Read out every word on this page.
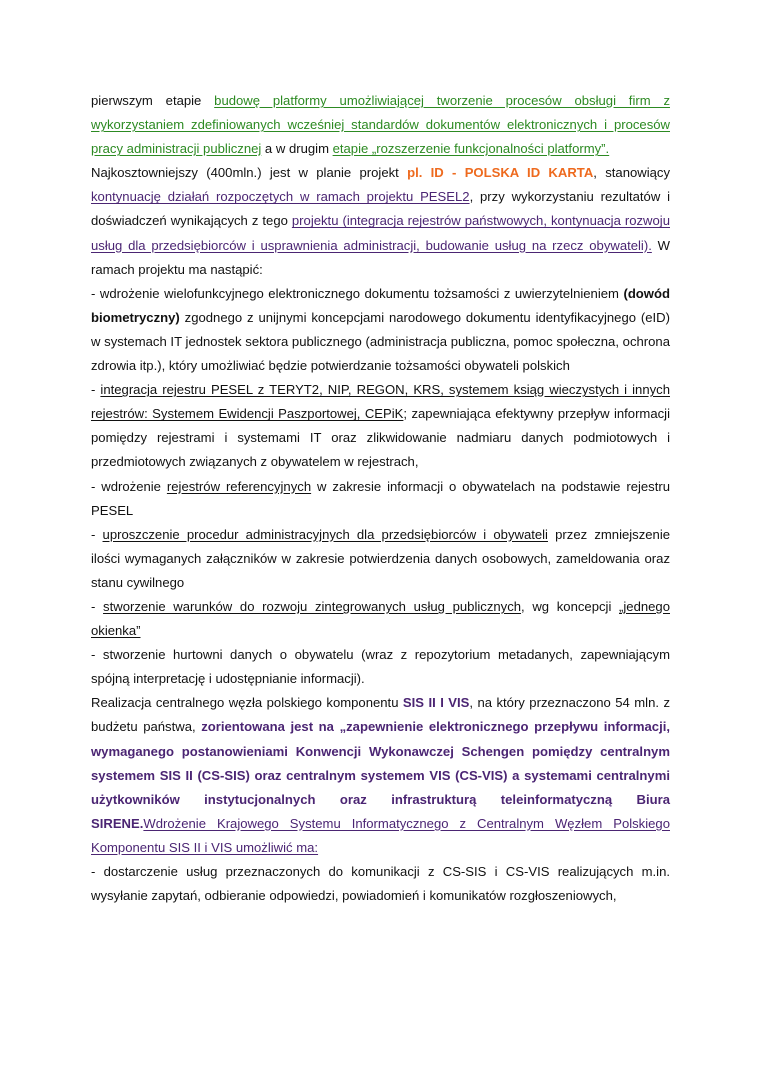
pierwszym etapie budowę platformy umożliwiającej tworzenie procesów obsługi firm z wykorzystaniem zdefiniowanych wcześniej standardów dokumentów elektronicznych i procesów pracy administracji publicznej a w drugim etapie „rozszerzenie funkcjonalności platformy”.

Najkosztowniejszy (400mln.) jest w planie projekt pl. ID - POLSKA ID KARTA, stanowiący kontynuację działań rozpoczętych w ramach projektu PESEL2, przy wykorzystaniu rezultatów i doświadczeń wynikających z tego projektu (integracja rejestrów państwowych, kontynuacja rozwoju usług dla przedsiębiorców i usprawnienia administracji, budowanie usług na rzecz obywateli). W ramach projektu ma nastąpić:

- wdrożenie wielofunkcyjnego elektronicznego dokumentu tożsamości z uwierzytelnieniem (dowód biometryczny) zgodnego z unijnymi koncepcjami narodowego dokumentu identyfikacyjnego (eID) w systemach IT jednostek sektora publicznego (administracja publiczna, pomoc społeczna, ochrona zdrowia itp.), który umożliwiać będzie potwierdzanie tożsamości obywateli polskich

- integracja rejestru PESEL z TERYT2, NIP, REGON, KRS, systemem ksiąg wieczystych i innych rejestrów: Systemem Ewidencji Paszportowej, CEPiK; zapewniająca efektywny przepływ informacji pomiędzy rejestrami i systemami IT oraz zlikwidowanie nadmiaru danych podmiotowych i przedmiotowych związanych z obywatelem w rejestrach,

- wdrożenie rejestrów referencyjnych w zakresie informacji o obywatelach na podstawie rejestru PESEL

- uproszczenie procedur administracyjnych dla przedsiębiorców i obywateli przez zmniejszenie ilości wymaganych załączników w zakresie potwierdzenia danych osobowych, zameldowania oraz stanu cywilnego

- stworzenie warunków do rozwoju zintegrowanych usług publicznych, wg koncepcji „jednego okienka”

- stworzenie hurtowni danych o obywatelu (wraz z repozytorium metadanych, zapewniającym spójną interpretację i udostępnianie informacji).

Realizacja centralnego węzła polskiego komponentu SIS II I VIS, na który przeznaczono 54 mln. z budżetu państwa, zorientowana jest na „zapewnienie elektronicznego przepływu informacji, wymaganego postanowieniami Konwencji Wykonawczej Schengen pomiędzy centralnym systemem SIS II (CS-SIS) oraz centralnym systemem VIS (CS-VIS) a systemami centralnymi użytkowników instytucjonalnych oraz infrastrukturą teleinformatyczną Biura SIRENE.Wdrożenie Krajowego Systemu Informatycznego z Centralnym Węzłem Polskiego Komponentu SIS II i VIS umożliwić ma:

- dostarczenie usług przeznaczonych do komunikacji z CS-SIS i CS-VIS realizujących m.in. wysyłanie zapytań, odbieranie odpowiedzi, powiadomień i komunikatów rozgłoszeniowych,
